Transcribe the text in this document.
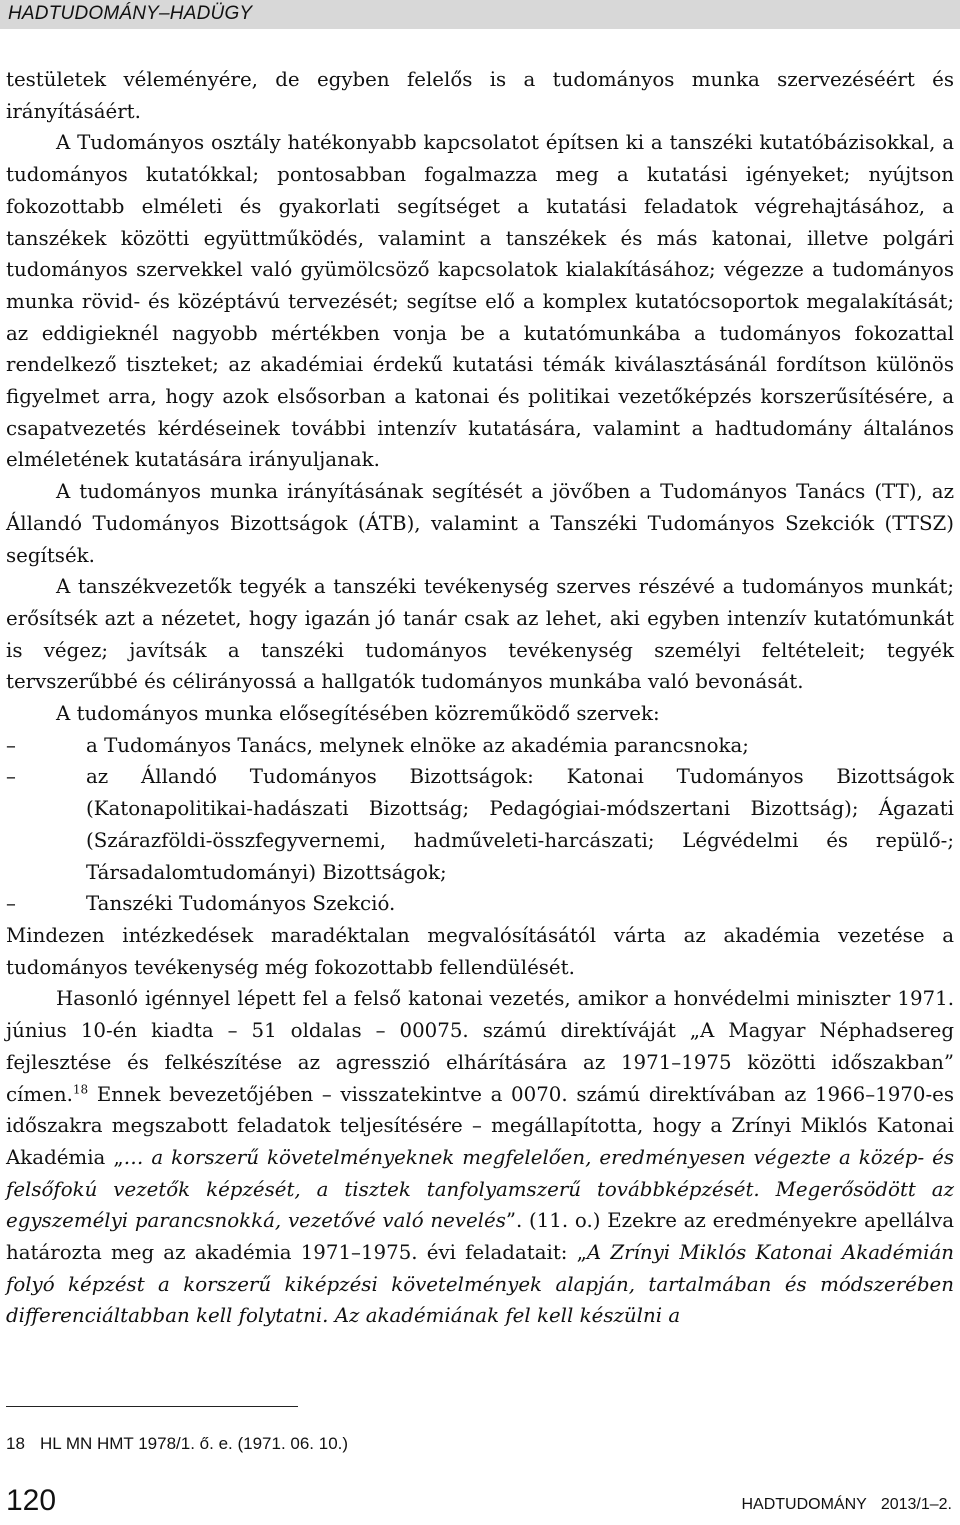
HADTUDOMÁNY–HADÜGY

testületek véleményére, de egyben felelős is a tudományos munka szervezéséért és irányításáért.

A Tudományos osztály hatékonyabb kapcsolatot építsen ki a tanszéki kutatóbázisokkal, a tudományos kutatókkal; pontosabban fogalmazza meg a kutatási igényeket; nyújtson fokozottabb elméleti és gyakorlati segítséget a kutatási feladatok végrehajtásához, a tanszékek közötti együttműködés, valamint a tanszékek és más katonai, illetve polgári tudományos szervekkel való gyümölcsöző kapcsolatok kialakításához; végezze a tudományos munka rövid- és középtávú tervezését; segítse elő a komplex kutatócsoportok megalakítását; az eddigieknél nagyobb mértékben vonja be a kutatómunkába a tudományos fokozattal rendelkező tiszteket; az akadémiai érdekű kutatási témák kiválasztásánál fordítson különös figyelmet arra, hogy azok elsősorban a katonai és politikai vezetőképzés korszerűsítésére, a csapatvezetés kérdéseinek további intenzív kutatására, valamint a hadtudomány általános elméletének kutatására irányuljanak.

A tudományos munka irányításának segítését a jövőben a Tudományos Tanács (TT), az Állandó Tudományos Bizottságok (ÁTB), valamint a Tanszéki Tudományos Szekciók (TTSZ) segítsék.

A tanszékvezetők tegyék a tanszéki tevékenység szerves részévé a tudományos munkát; erősítsék azt a nézetet, hogy igazán jó tanár csak az lehet, aki egyben intenzív kutatómunkát is végez; javítsák a tanszéki tudományos tevékenység személyi feltételeit; tegyék tervszerűbbé és célirányossá a hallgatók tudományos munkába való bevonását.

A tudományos munka elősegítésében közreműködő szervek:

–	a Tudományos Tanács, melynek elnöke az akadémia parancsnoka;

–	az Állandó Tudományos Bizottságok: Katonai Tudományos Bizottságok (Katonapolitikai-hadászati Bizottság; Pedagógiai-módszertani Bizottság); Ágazati (Szárazföldi-összfegyvernemi, hadműveleti-harcászati; Légvédelmi és repülő-; Társadalomtudományi) Bizottságok;

–	Tanszéki Tudományos Szekció.

Mindezen intézkedések maradéktalan megvalósításától várta az akadémia vezetése a tudományos tevékenység még fokozottabb fellendülését.

Hasonló igénnyel lépett fel a felső katonai vezetés, amikor a honvédelmi miniszter 1971. június 10-én kiadta – 51 oldalas – 00075. számú direktíváját „A Magyar Néphadsereg fejlesztése és felkészítése az agresszió elhárítására az 1971–1975 közötti időszakban” címen.$^{18}$ Ennek bevezetőjében – visszatekintve a 0070. számú direktívában az 1966–1970-es időszakra megszabott feladatok teljesítésére – megállapította, hogy a Zrínyi Miklós Katonai Akadémia „… a korszerű követelményeknek megfelelően, eredményesen végezte a közép- és felsőfokú vezetők képzését, a tisztek tanfolyamszerű továbbképzését. Megerősödött az egyszemélyi parancsnokká, vezetővé való nevelés”. (11. o.) Ezekre az eredményekre apellálva határozta meg az akadémia 1971–1975. évi feladatait: „A Zrínyi Miklós Katonai Akadémián folyó képzést a korszerű kiképzési követelmények alapján, tartalmában és módszerében differenciáltabban kell folytatni. Az akadémiának fel kell készülni a

18 HL MN HMT 1978/1. ő. e. (1971. 06. 10.)
120	HADTUDOMÁNY 2013/1–2.
